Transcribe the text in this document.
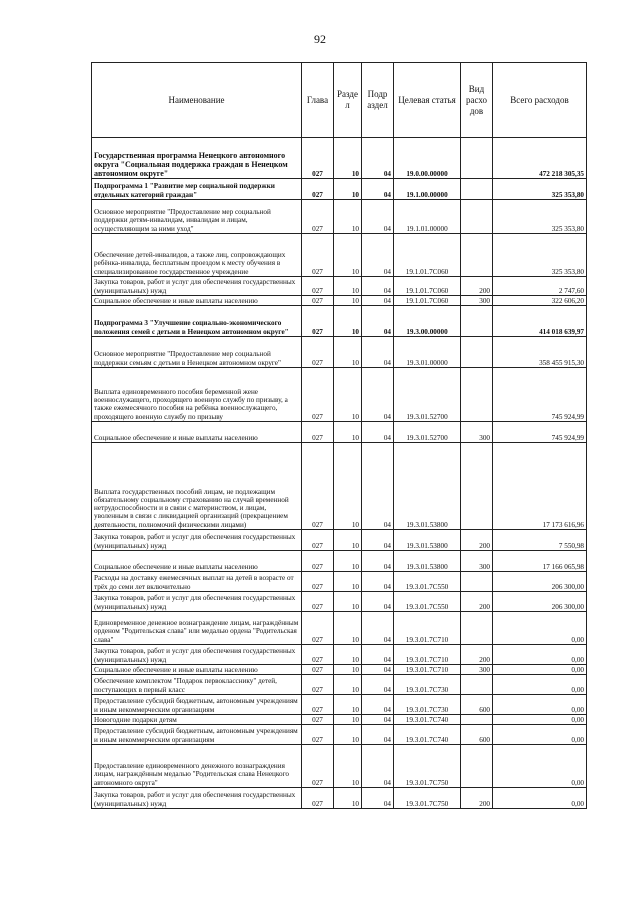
92
Наименование	Глава	Разде л	Подр аздел	Целевая статья	Вид расхо дов	Всего расходов
Государственная программа Ненецкого автономного округа "Социальная поддержка граждан в Ненецком автономном округе"	027	10	04	19.0.00.00000		472 218 305,35
Подпрограмма 1 "Развитие мер социальной поддержки отдельных категорий граждан"	027	10	04	19.1.00.00000		325 353,80
Основное мероприятие "Предоставление мер социальной поддержки детям-инвалидам, инвалидам и лицам, осуществляющим за ними уход"	027	10	04	19.1.01.00000		325 353,80
Обеспечение детей-инвалидов, а также лиц, сопровождающих ребёнка-инвалида, бесплатным проездом к месту обучения в специализированное государственное учреждение	027	10	04	19.1.01.7С060		325 353,80
Закупка товаров, работ и услуг для обеспечения государственных (муниципальных) нужд	027	10	04	19.1.01.7С060	200	2 747,60
Социальное обеспечение и иные выплаты населению	027	10	04	19.1.01.7С060	300	322 606,20
Подпрограмма 3 "Улучшение социально-экономического положения семей с детьми в Ненецком автономном округе"	027	10	04	19.3.00.00000		414 018 639,97
Основное мероприятие "Предоставление мер социальной поддержки семьям с детьми в Ненецком автономном округе"	027	10	04	19.3.01.00000		358 455 915,30
Выплата единовременного пособия беременной жене военнослужащего, проходящего военную службу по призыву, а также ежемесячного пособия на ребёнка военнослужащего, проходящего военную службу по призыву	027	10	04	19.3.01.52700		745 924,99
Социальное обеспечение и иные выплаты населению	027	10	04	19.3.01.52700	300	745 924,99
Выплата государственных пособий лицам, не подлежащим обязательному социальному страхованию на случай временной нетрудоспособности и в связи с материнством, и лицам, уволенным в связи с ликвидацией организаций (прекращением деятельности, полномочий физическими лицами)	027	10	04	19.3.01.53800		17 173 616,96
Закупка товаров, работ и услуг для обеспечения государственных (муниципальных) нужд	027	10	04	19.3.01.53800	200	7 550,98
Социальное обеспечение и иные выплаты населению	027	10	04	19.3.01.53800	300	17 166 065,98
Расходы на доставку ежемесячных выплат на детей в возрасте от трёх до семи лет включительно	027	10	04	19.3.01.7С550		206 300,00
Закупка товаров, работ и услуг для обеспечения государственных (муниципальных) нужд	027	10	04	19.3.01.7С550	200	206 300,00
Единовременное денежное вознаграждение лицам, награждённым орденом "Родительская слава" или медалью ордена "Родительская слава"	027	10	04	19.3.01.7С710		0,00
Закупка товаров, работ и услуг для обеспечения государственных (муниципальных) нужд	027	10	04	19.3.01.7С710	200	0,00
Социальное обеспечение и иные выплаты населению	027	10	04	19.3.01.7С710	300	0,00
Обеспечение комплектом "Подарок первокласснику" детей, поступающих в первый класс	027	10	04	19.3.01.7С730		0,00
Предоставление субсидий бюджетным, автономным учреждениям и иным некоммерческим организациям	027	10	04	19.3.01.7С730	600	0,00
Новогодние подарки детям	027	10	04	19.3.01.7С740		0,00
Предоставление субсидий бюджетным, автономным учреждениям и иным некоммерческим организациям	027	10	04	19.3.01.7С740	600	0,00
Предоставление единовременного денежного вознаграждения лицам, награждённым медалью "Родительская слава Ненецкого автономного округа"	027	10	04	19.3.01.7С750		0,00
Закупка товаров, работ и услуг для обеспечения государственных (муниципальных) нужд	027	10	04	19.3.01.7С750	200	0,00
